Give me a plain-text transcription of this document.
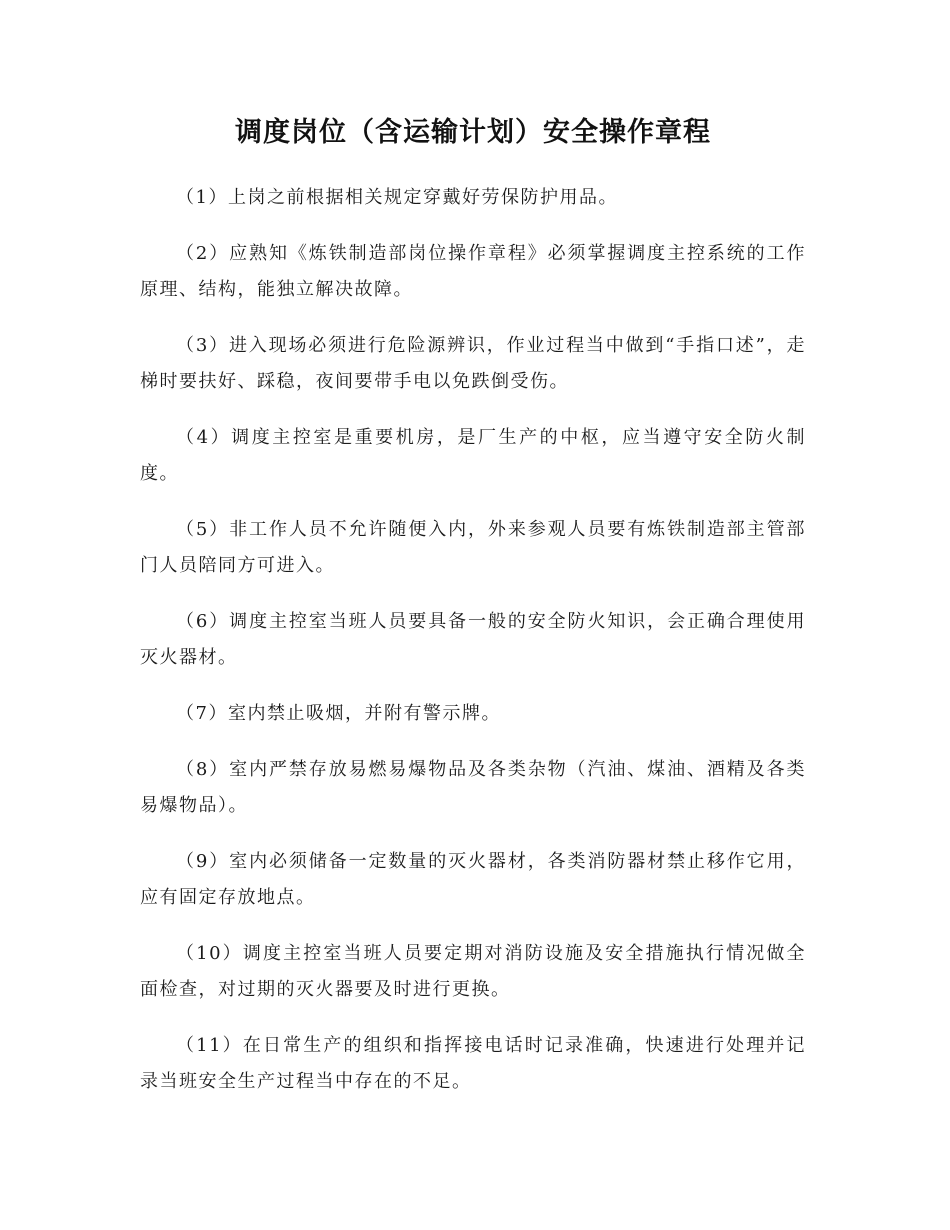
调度岗位（含运输计划）安全操作章程
（1）上岗之前根据相关规定穿戴好劳保防护用品。
（2）应熟知《炼铁制造部岗位操作章程》必须掌握调度主控系统的工作原理、结构，能独立解决故障。
（3）进入现场必须进行危险源辨识，作业过程当中做到“手指口述”，走梯时要扶好、踩稳，夜间要带手电以免跌倒受伤。
（4）调度主控室是重要机房，是厂生产的中枢，应当遵守安全防火制度。
（5）非工作人员不允许随便入内，外来参观人员要有炼铁制造部主管部门人员陪同方可进入。
（6）调度主控室当班人员要具备一般的安全防火知识，会正确合理使用灭火器材。
（7）室内禁止吸烟，并附有警示牌。
（8）室内严禁存放易燃易爆物品及各类杂物（汽油、煤油、酒精及各类易爆物品）。
（9）室内必须储备一定数量的灭火器材，各类消防器材禁止移作它用，应有固定存放地点。
（10）调度主控室当班人员要定期对消防设施及安全措施执行情况做全面检查，对过期的灭火器要及时进行更换。
（11）在日常生产的组织和指挥接电话时记录准确，快速进行处理并记录当班安全生产过程当中存在的不足。
